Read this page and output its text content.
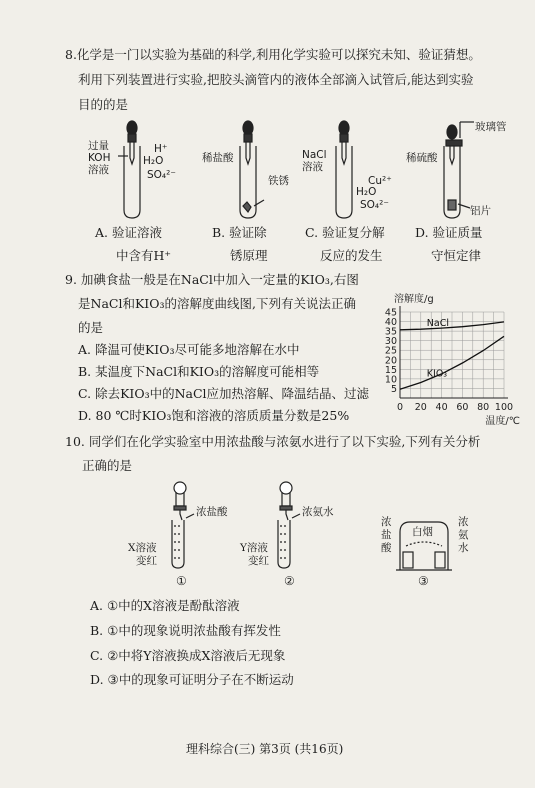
8.化学是一门以实验为基础的科学,利用化学实验可以探究未知、验证猜想。
利用下列装置进行实验,把胶头滴管内的液体全部滴入试管后,能达到实验
目的的是
过量
KOH
溶液
H⁺
H₂O
SO₄²⁻
稀盐酸
铁锈
NaCl
溶液
Cu²⁺
H₂O
SO₄²⁻
稀硫酸
玻璃管
铝片
A. 验证溶液
中含有H⁺
B. 验证除
锈原理
C. 验证复分解
反应的发生
D. 验证质量
守恒定律
9. 加碘食盐一般是在NaCl中加入一定量的KIO₃,右图
是NaCl和KIO₃的溶解度曲线图,下列有关说法正确
的是
A. 降温可使KIO₃尽可能多地溶解在水中
B. 某温度下NaCl和KIO₃的溶解度可能相等
C. 除去KIO₃中的NaCl应加热溶解、降温结晶、过滤
D. 80 ℃时KIO₃饱和溶液的溶质质量分数是25%
5
10
15
20
25
30
35
40
45
0 20 40 60 80 100
溶解度/g
温度/℃
NaCl
KIO₃
10. 同学们在化学实验室中用浓盐酸与浓氨水进行了以下实验,下列有关分析
正确的是
浓盐酸
X溶液
变红
①
浓氨水
Y溶液
变红
②
浓
盐
酸
白烟
浓
氨
水
③
A. ①中的X溶液是酚酞溶液
B. ①中的现象说明浓盐酸有挥发性
C. ②中将Y溶液换成X溶液后无现象
D. ③中的现象可证明分子在不断运动
理科综合(三) 第3页 (共16页)
